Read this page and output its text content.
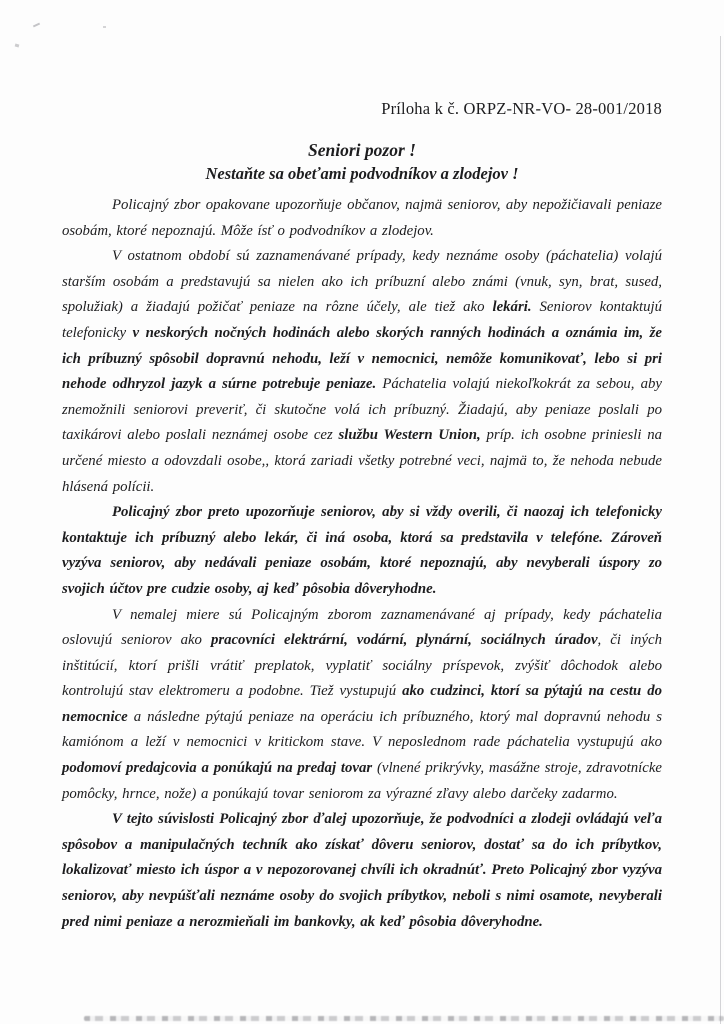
Príloha k č. ORPZ-NR-VO- 28-001/2018
Seniori pozor !
Nestaňte sa obeťami podvodníkov a zlodejov !

Policajný zbor opakovane upozorňuje občanov, najmä seniorov, aby nepožičiavali peniaze osobám, ktoré nepoznajú. Môže ísť o podvodníkov a zlodejov.

V ostatnom období sú zaznamenávané prípady, kedy neznáme osoby (páchatelia) volajú starším osobám a predstavujú sa nielen ako ich príbuzní alebo známi (vnuk, syn, brat, sused, spolužiak) a žiadajú požičať peniaze na rôzne účely, ale tiež ako lekári. Seniorov kontaktujú telefonicky v neskorých nočných hodinách alebo skorých ranných hodinách a oznámia im, že ich príbuzný spôsobil dopravnú nehodu, leží v nemocnici, nemôže komunikovať, lebo si pri nehode odhryzol jazyk a súrne potrebuje peniaze. Páchatelia volajú niekoľkokrát za sebou, aby znemožnili seniorovi preveriť, či skutočne volá ich príbuzný. Žiadajú, aby peniaze poslali po taxikárovi alebo poslali neznámej osobe cez službu Western Union, príp. ich osobne priniesli na určené miesto a odovzdali osobe,, ktorá zariadi všetky potrebné veci, najmä to, že nehoda nebude hlásená polícii.

Policajný zbor preto upozorňuje seniorov, aby si vždy overili, či naozaj ich telefonicky kontaktuje ich príbuzný alebo lekár, či iná osoba, ktorá sa predstavila v telefóne. Zároveň vyzýva seniorov, aby nedávali peniaze osobám, ktoré nepoznajú, aby nevyberali úspory zo svojich účtov pre cudzie osoby, aj keď pôsobia dôveryhodne.

V nemalej miere sú Policajným zborom zaznamenávané aj prípady, kedy páchatelia oslovujú seniorov ako pracovníci elektrární, vodární, plynární, sociálnych úradov, či iných inštitúcií, ktorí prišli vrátiť preplatok, vyplatiť sociálny príspevok, zvýšiť dôchodok alebo kontrolujú stav elektromeru a podobne. Tiež vystupujú ako cudzinci, ktorí sa pýtajú na cestu do nemocnice a následne pýtajú peniaze na operáciu ich príbuzného, ktorý mal dopravnú nehodu s kamiónom a leží v nemocnici v kritickom stave. V neposlednom rade páchatelia vystupujú ako podomoví predajcovia a ponúkajú na predaj tovar (vlnené prikrývky, masážne stroje, zdravotnícke pomôcky, hrnce, nože) a ponúkajú tovar seniorom za výrazné zľavy alebo darčeky zadarmo.

V tejto súvislosti Policajný zbor ďalej upozorňuje, že podvodníci a zlodeji ovládajú veľa spôsobov a manipulačných techník ako získať dôveru seniorov, dostať sa do ich príbytkov, lokalizovať miesto ich úspor a v nepozorovanej chvíli ich okradnúť. Preto Policajný zbor vyzýva seniorov, aby nevpúšťali neznáme osoby do svojich príbytkov, neboli s nimi osamote, nevyberali pred nimi peniaze a nerozmieňali im bankovky, ak keď pôsobia dôveryhodne.
